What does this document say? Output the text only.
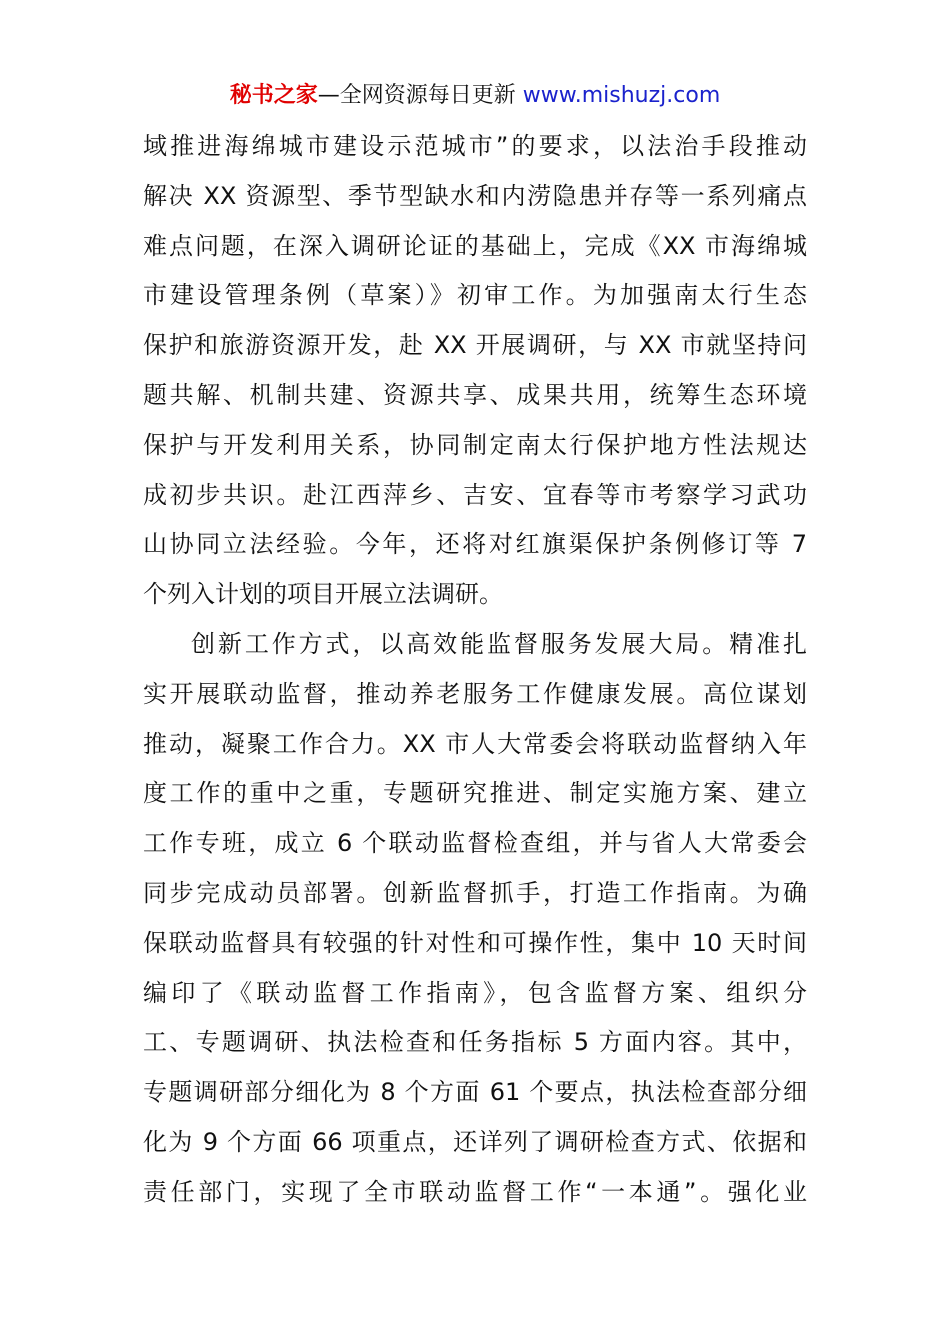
秘书之家—全网资源每日更新 www.mishuzj.com
域推进海绵城市建设示范城市”的要求，以法治手段推动
解决 XX 资源型、季节型缺水和内涝隐患并存等一系列痛点
难点问题，在深入调研论证的基础上，完成《XX 市海绵城
市建设管理条例（草案）》初审工作。为加强南太行生态
保护和旅游资源开发，赴 XX 开展调研，与 XX 市就坚持问
题共解、机制共建、资源共享、成果共用，统筹生态环境
保护与开发利用关系，协同制定南太行保护地方性法规达
成初步共识。赴江西萍乡、吉安、宜春等市考察学习武功
山协同立法经验。今年，还将对红旗渠保护条例修订等 7
个列入计划的项目开展立法调研。
创新工作方式，以高效能监督服务发展大局。精准扎
实开展联动监督，推动养老服务工作健康发展。高位谋划
推动，凝聚工作合力。XX 市人大常委会将联动监督纳入年
度工作的重中之重，专题研究推进、制定实施方案、建立
工作专班，成立 6 个联动监督检查组，并与省人大常委会
同步完成动员部署。创新监督抓手，打造工作指南。为确
保联动监督具有较强的针对性和可操作性，集中 10 天时间
编印了《联动监督工作指南》，包含监督方案、组织分
工、专题调研、执法检查和任务指标 5 方面内容。其中，
专题调研部分细化为 8 个方面 61 个要点，执法检查部分细
化为 9 个方面 66 项重点，还详列了调研检查方式、依据和
责任部门，实现了全市联动监督工作“一本通”。强化业
